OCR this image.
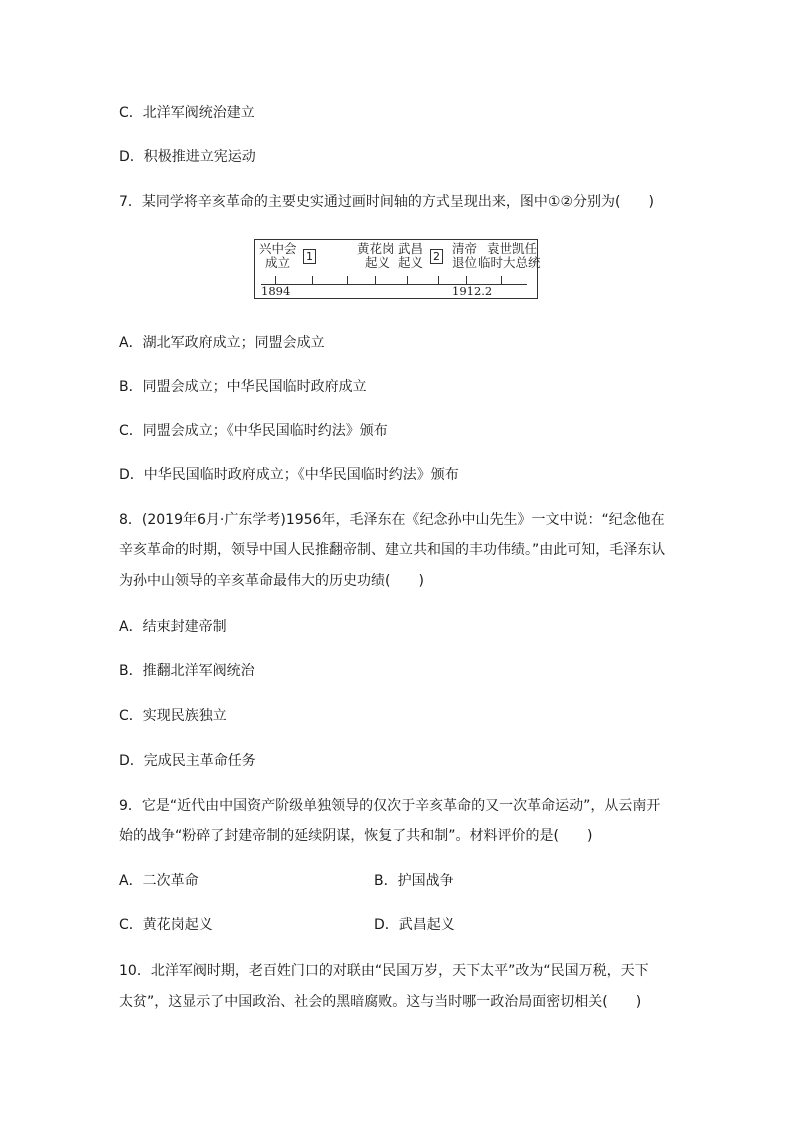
C．北洋军阀统治建立
D．积极推进立宪运动
7．某同学将辛亥革命的主要史实通过画时间轴的方式呈现出来，图中①②分别为(　　)
兴中会
成立 1
黄花岗
起义
武昌
起义 2
清帝
退位
袁世凯任
临时大总统
1894	1912.2
A．湖北军政府成立；同盟会成立
B．同盟会成立；中华民国临时政府成立
C．同盟会成立；《中华民国临时约法》颁布
D．中华民国临时政府成立；《中华民国临时约法》颁布
8．(2019年6月·广东学考)1956年，毛泽东在《纪念孙中山先生》一文中说：“纪念他在
辛亥革命的时期，领导中国人民推翻帝制、建立共和国的丰功伟绩。”由此可知，毛泽东认
为孙中山领导的辛亥革命最伟大的历史功绩(　　)
A．结束封建帝制
B．推翻北洋军阀统治
C．实现民族独立
D．完成民主革命任务
9．它是“近代由中国资产阶级单独领导的仅次于辛亥革命的又一次革命运动”，从云南开
始的战争“粉碎了封建帝制的延续阴谋，恢复了共和制”。材料评价的是(　　)
A．二次革命	B．护国战争
C．黄花岗起义	D．武昌起义
10．北洋军阀时期，老百姓门口的对联由“民国万岁，天下太平”改为“民国万税，天下
太贫”，这显示了中国政治、社会的黑暗腐败。这与当时哪一政治局面密切相关(　　)
